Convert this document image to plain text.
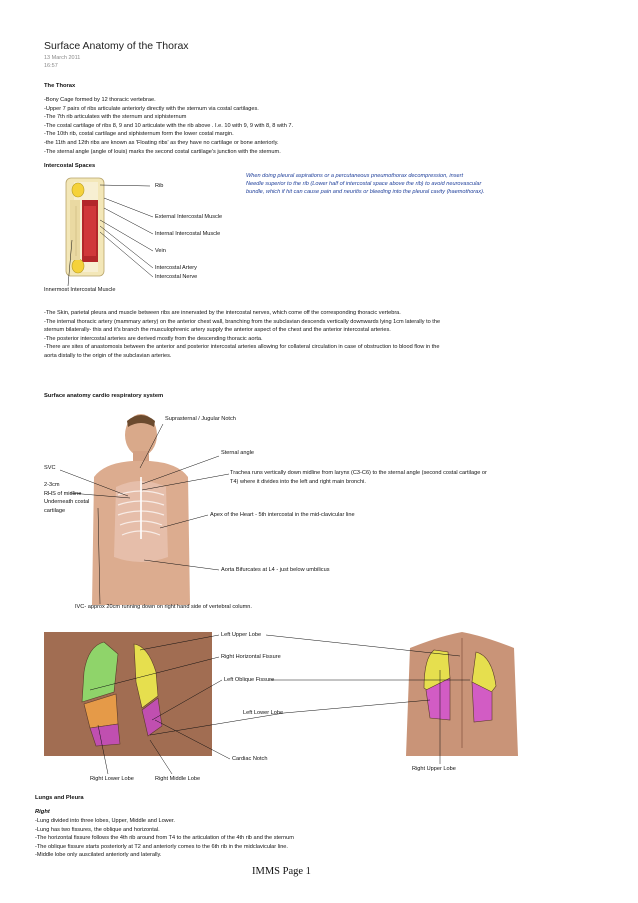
Surface Anatomy of the Thorax
13 March 2011
16:57
The Thorax
-Bony Cage formed by 12 thoracic vertebrae.
-Upper 7 pairs of ribs articulate anteriorly directly with the sternum via costal cartilages.
-The 7th rib articulates with the sternum and xiphisternum
-The costal cartilage of ribs 8, 9 and 10 articulate with the rib above . I.e. 10 with 9, 9 with 8, 8 with 7.
-The 10th rib, costal cartilage and xiphisternum form the lower costal margin.
-the 11th and 12th ribs are known as 'Floating ribs' as they have no cartilage or bone anteriorly.
-The sternal angle (angle of louis) marks the second costal cartilage's junction with the sternum.
Intercostal Spaces
Rib
External Intercostal Muscle
Internal Intercostal Muscle
Vein
Intercostal Artery
Intercostal Nerve
Innermost Intercostal Muscle
When doing pleural aspirations or a percutaneous pneumothorax decompression, insert
Needle superior to the rib (Lower half of intercostal space above the rib) to avoid neurovascular
bundle, which if hit can cause pain and neuritis or bleeding into the pleural cavity (haemothorax).
-The Skin, parietal pleura and muscle between ribs are innervated by the intercostal nerves, which come off the corresponding thoracic vertebra.
-The internal thoracic artery (mammary artery) on the anterior chest wall, branching from the subclavian descends vertically downwards lying 1cm laterally to the
sternum bilaterally- this and it's branch the musculophrenic artery supply the anterior aspect of the chest and the anterior intercostal arteries.
-The posterior intercostal arteries are derived mostly from the descending thoracic aorta.
-There are sites of anastomosis between the anterior and posterior intercostal arteries allowing for collateral circulation in case of obstruction to blood flow in the
aorta distally to the origin of the subclavian arteries.
Surface anatomy cardio respiratory system
Suprasternal / Jugular Notch
Sternal angle
SVC
2-3cm
RHS of midline
Underneath costal
cartilage
Trachea runs vertically down midline from larynx (C3-C6) to the sternal angle (second costal cartilage or
T4) where it divides into the left and right main bronchi.
Apex of the Heart - 5th intercostal in the mid-clavicular line
Aorta Bifurcates at L4 - just below umbilicus
IVC- approx 20cm running down on right hand side of vertebral column.
Left Upper Lobe
Right Horizontal Fissure
Left Oblique Fissure
Left Lower Lobe
Cardiac Notch
Right Upper Lobe
Right Lower Lobe	Right Middle Lobe
Lungs and Pleura
Right
-Lung divided into three lobes, Upper, Middle and Lower.
-Lung has two fissures, the oblique and horizontal.
-The horizontal fissure follows the 4th rib around from T4 to the articulation of the 4th rib and the sternum
-The oblique fissure starts posteriorly at T2 and anteriorly comes to the 6th rib in the midclavicular line.
-Middle lobe only auscilated anteriorly and laterally.
IMMS Page 1
